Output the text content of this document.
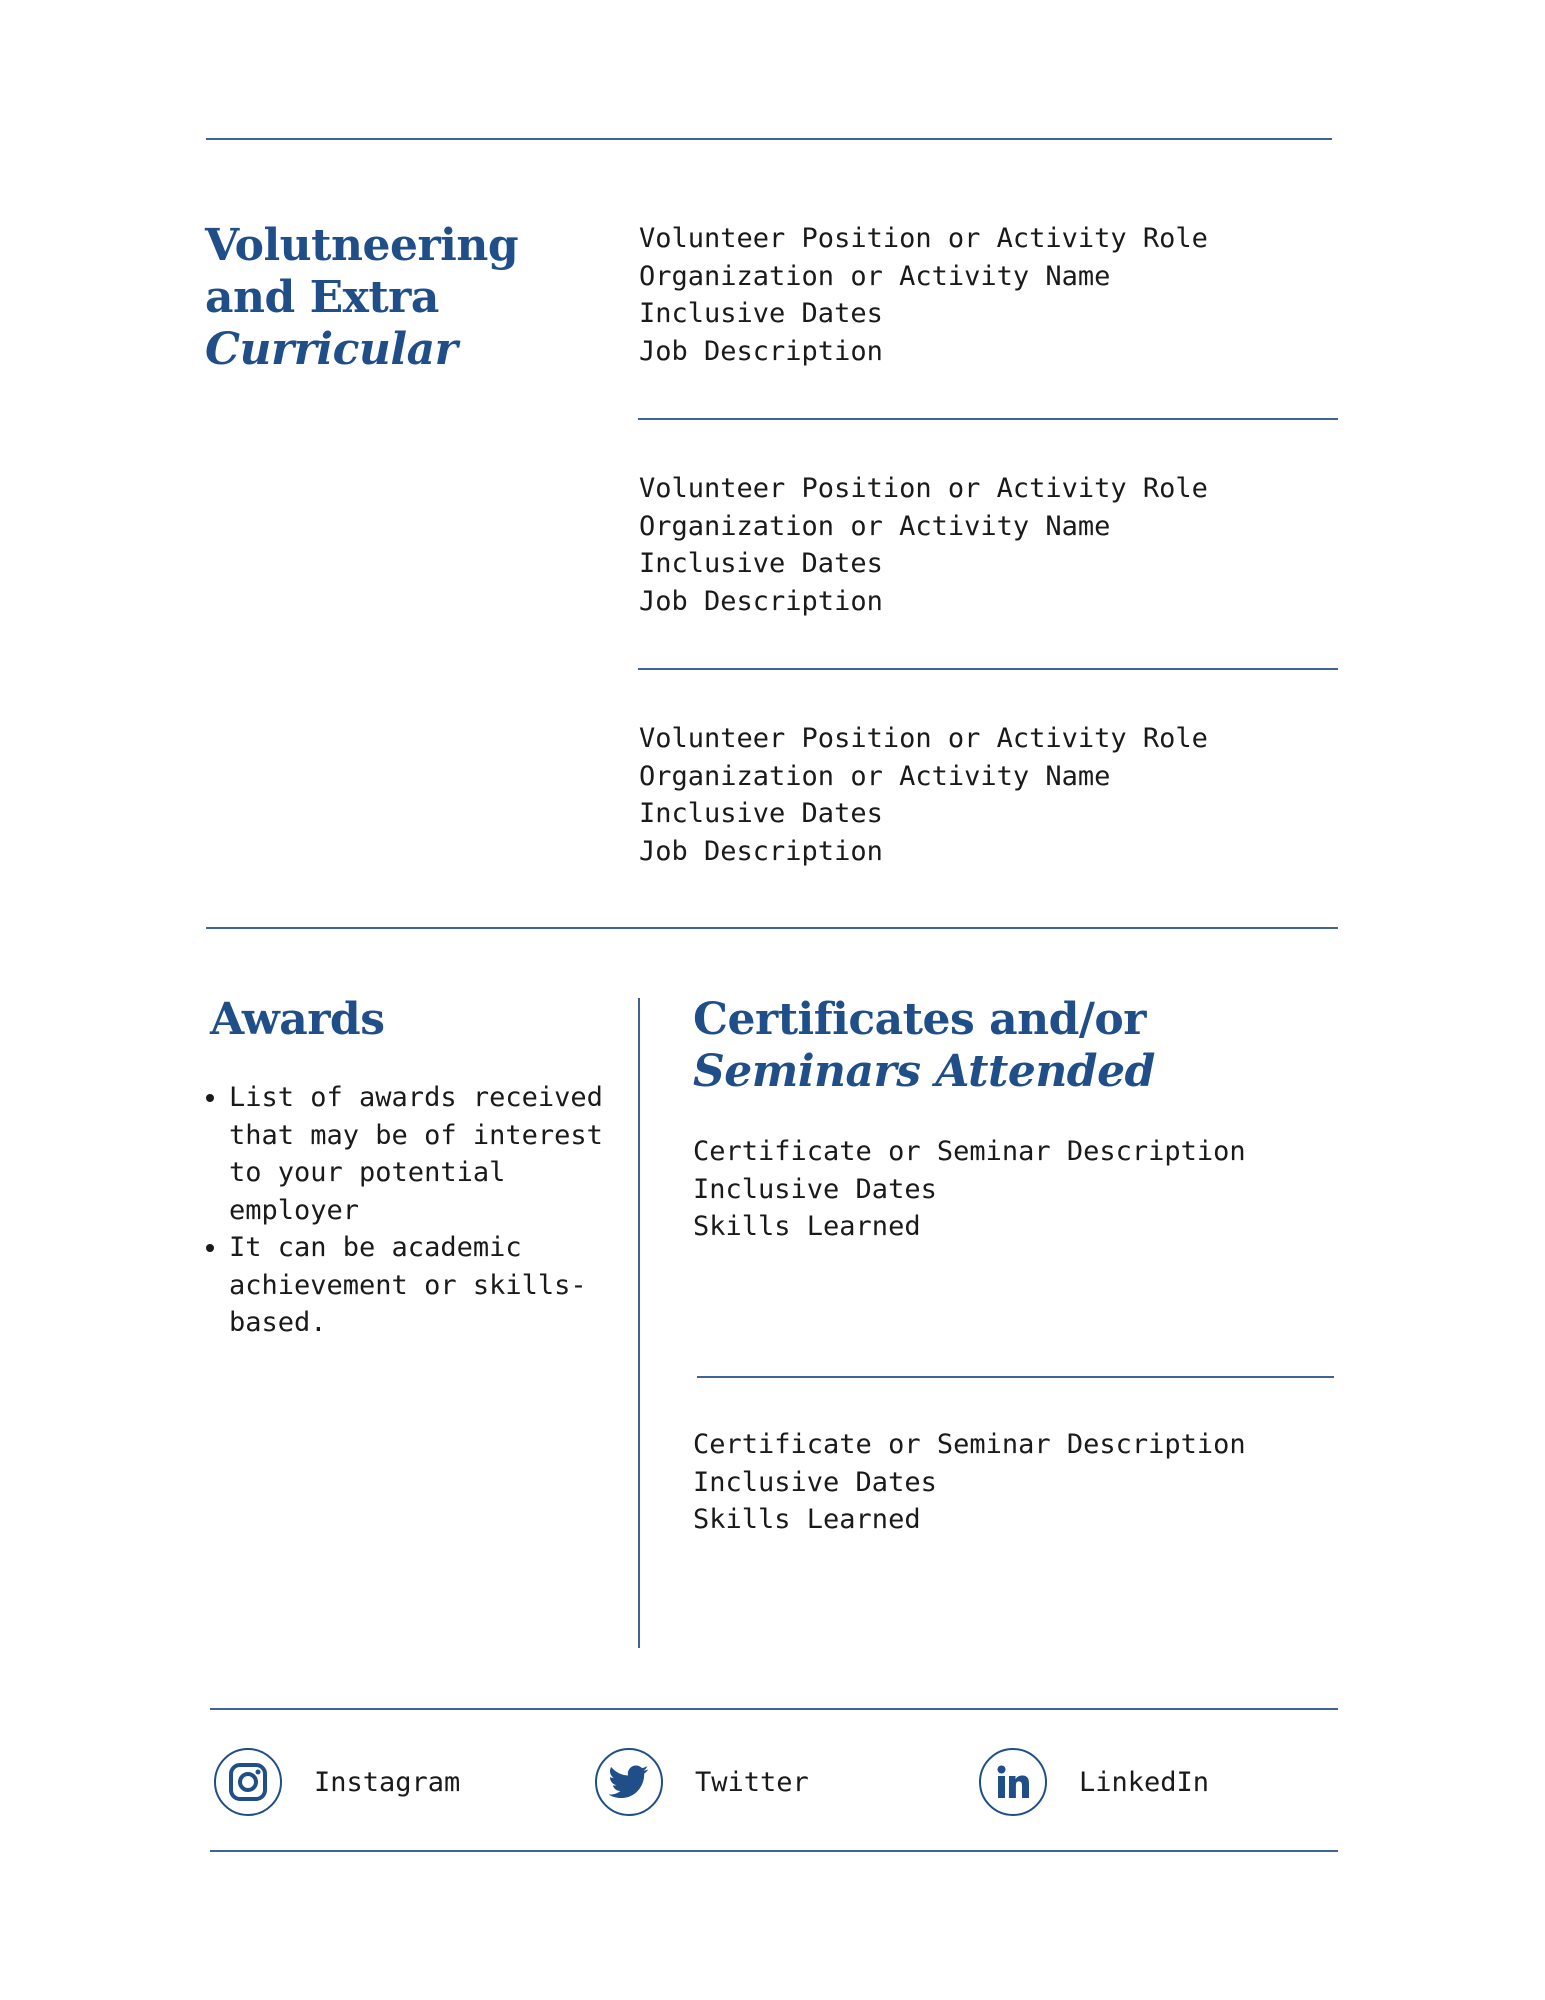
Volutneering
and Extra
Curricular
Volunteer Position or Activity Role
Organization or Activity Name
Inclusive Dates
Job Description
Volunteer Position or Activity Role
Organization or Activity Name
Inclusive Dates
Job Description
Volunteer Position or Activity Role
Organization or Activity Name
Inclusive Dates
Job Description
Awards
• List of awards received that may be of interest to your potential employer
• It can be academic achievement or skills-based.
Certificates and/or
Seminars Attended
Certificate or Seminar Description
Inclusive Dates
Skills Learned
Certificate or Seminar Description
Inclusive Dates
Skills Learned
Instagram	Twitter	LinkedIn
